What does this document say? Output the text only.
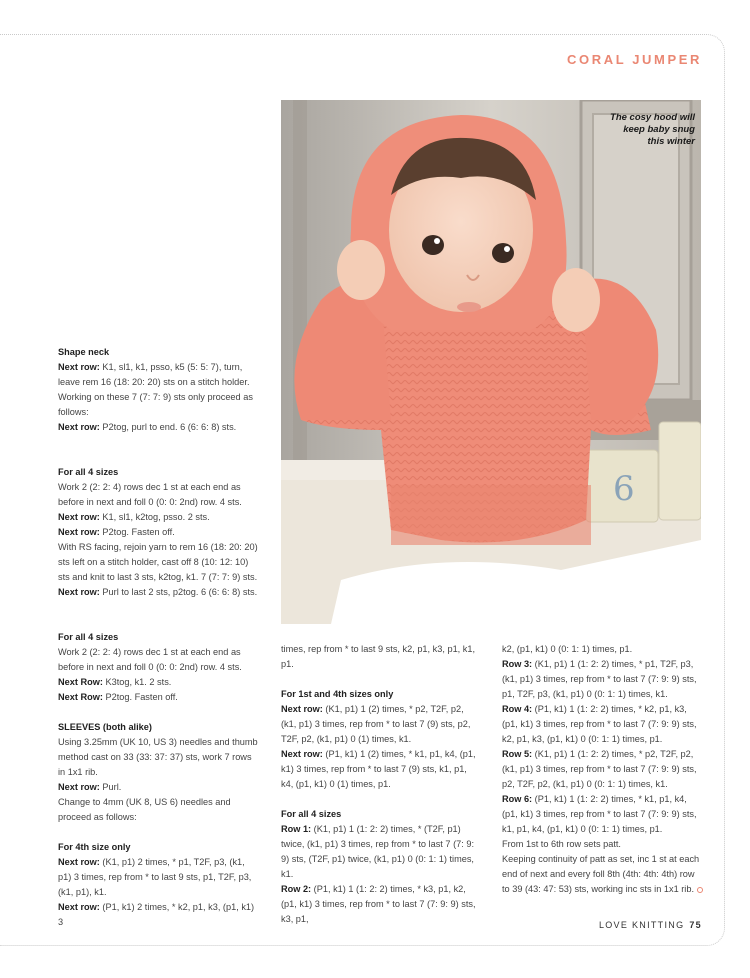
CORAL JUMPER
6
The cosy hood will
keep baby snug
this winter

Shape neck

Next row: K1, sl1, k1, psso, k5 (5: 5: 7), turn, leave rem 16 (18: 20: 20) sts on a stitch holder.

Working on these 7 (7: 7: 9) sts only proceed as follows:

Next row: P2tog, purl to end. 6 (6: 6: 8) sts.

For all 4 sizes

Work 2 (2: 2: 4) rows dec 1 st at each end as before in next and foll 0 (0: 0: 2nd) row. 4 sts.

Next row: K1, sl1, k2tog, psso. 2 sts.

Next row: P2tog. Fasten off.

With RS facing, rejoin yarn to rem 16 (18: 20: 20) sts left on a stitch holder, cast off 8 (10: 12: 10) sts and knit to last 3 sts, k2tog, k1. 7 (7: 7: 9) sts.

Next row: Purl to last 2 sts, p2tog. 6 (6: 6: 8) sts.

For all 4 sizes

Work 2 (2: 2: 4) rows dec 1 st at each end as before in next and foll 0 (0: 0: 2nd) row. 4 sts.

Next Row: K3tog, k1. 2 sts.

Next Row: P2tog. Fasten off.

SLEEVES (both alike)

Using 3.25mm (UK 10, US 3) needles and thumb method cast on 33 (33: 37: 37) sts, work 7 rows in 1x1 rib.

Next row: Purl.

Change to 4mm (UK 8, US 6) needles and proceed as follows:

For 4th size only

Next row: (K1, p1) 2 times, * p1, T2F, p3, (k1, p1) 3 times, rep from * to last 9 sts, p1, T2F, p3, (k1, p1), k1.

Next row: (P1, k1) 2 times, * k2, p1, k3, (p1, k1) 3

times, rep from * to last 9 sts, k2, p1, k3, p1, k1, p1.

For 1st and 4th sizes only

Next row: (K1, p1) 1 (2) times, * p2, T2F, p2, (k1, p1) 3 times, rep from * to last 7 (9) sts, p2, T2F, p2, (k1, p1) 0 (1) times, k1.

Next row: (P1, k1) 1 (2) times, * k1, p1, k4, (p1, k1) 3 times, rep from * to last 7 (9) sts, k1, p1, k4, (p1, k1) 0 (1) times, p1.

For all 4 sizes

Row 1: (K1, p1) 1 (1: 2: 2) times, * (T2F, p1) twice, (k1, p1) 3 times, rep from * to last 7 (7: 9: 9) sts, (T2F, p1) twice, (k1, p1) 0 (0: 1: 1) times, k1.

Row 2: (P1, k1) 1 (1: 2: 2) times, * k3, p1, k2, (p1, k1) 3 times, rep from * to last 7 (7: 9: 9) sts, k3, p1,

k2, (p1, k1) 0 (0: 1: 1) times, p1.

Row 3: (K1, p1) 1 (1: 2: 2) times, * p1, T2F, p3, (k1, p1) 3 times, rep from * to last 7 (7: 9: 9) sts, p1, T2F, p3, (k1, p1) 0 (0: 1: 1) times, k1.

Row 4: (P1, k1) 1 (1: 2: 2) times, * k2, p1, k3, (p1, k1) 3 times, rep from * to last 7 (7: 9: 9) sts, k2, p1, k3, (p1, k1) 0 (0: 1: 1) times, p1.

Row 5: (K1, p1) 1 (1: 2: 2) times, * p2, T2F, p2, (k1, p1) 3 times, rep from * to last 7 (7: 9: 9) sts, p2, T2F, p2, (k1, p1) 0 (0: 1: 1) times, k1.

Row 6: (P1, k1) 1 (1: 2: 2) times, * k1, p1, k4, (p1, k1) 3 times, rep from * to last 7 (7: 9: 9) sts, k1, p1, k4, (p1, k1) 0 (0: 1: 1) times, p1.

From 1st to 6th row sets patt.

Keeping continuity of patt as set, inc 1 st at each end of next and every foll 8th (4th: 4th: 4th) row to 39 (43: 47: 53) sts, working inc sts in 1x1 rib.

LOVE KNITTING 75
